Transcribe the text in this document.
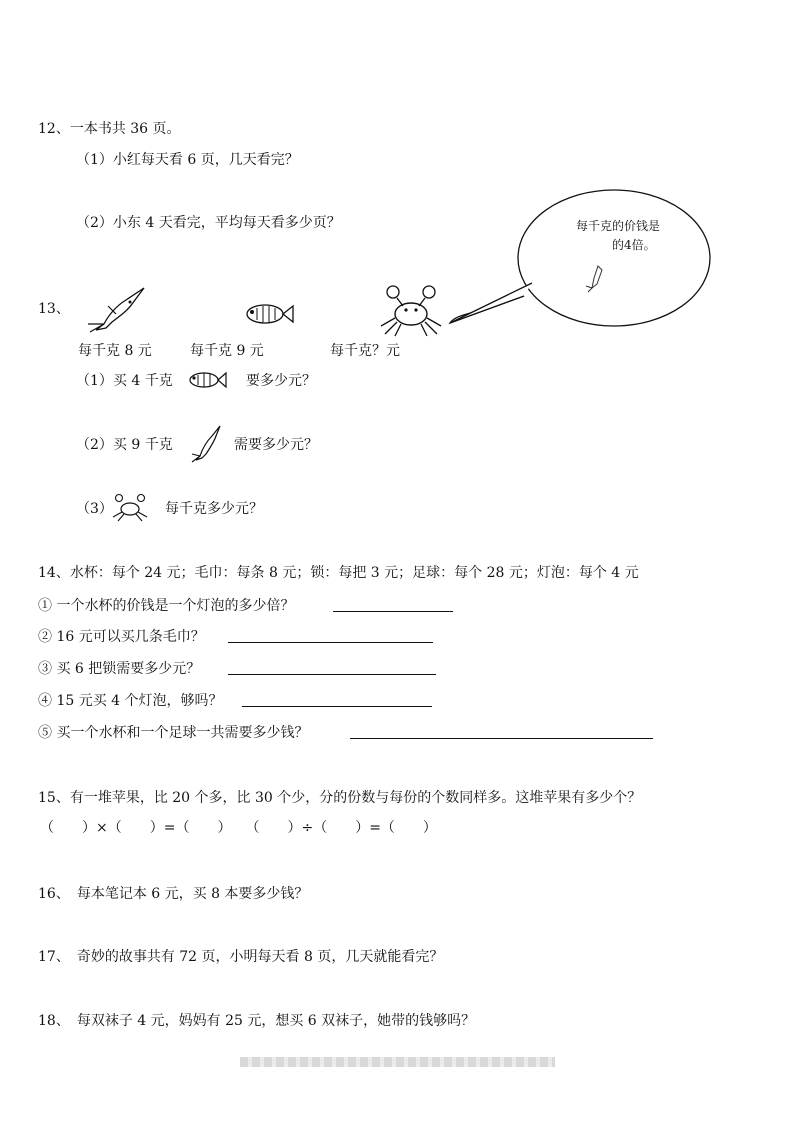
12、一本书共 36 页。
（1）小红每天看 6 页，几天看完？
（2）小东 4 天看完，平均每天看多少页？	每千克的价钱是
的4倍。
13、
每千克 8 元	每千克 9 元	每千克？元
（1）买 4 千克	要多少元？
（2）买 9 千克	需要多少元？
（3）	每千克多少元？
14、水杯：每个 24 元；毛巾：每条 8 元；锁：每把 3 元；足球：每个 28 元；灯泡：每个 4 元
① 一个水杯的价钱是一个灯泡的多少倍？
② 16 元可以买几条毛巾？
③ 买 6 把锁需要多少元？
④ 15 元买 4 个灯泡，够吗？
⑤ 买一个水杯和一个足球一共需要多少钱？
15、有一堆苹果，比 20 个多，比 30 个少，分的份数与每份的个数同样多。这堆苹果有多少个？
（　　）×（　　）=（　　）　　（　　）÷（　　）=（　　）
16、　每本笔记本 6 元，买 8 本要多少钱？
17、　奇妙的故事共有 72 页，小明每天看 8 页，几天就能看完？
18、　每双袜子 4 元，妈妈有 25 元，想买 6 双袜子，她带的钱够吗？
